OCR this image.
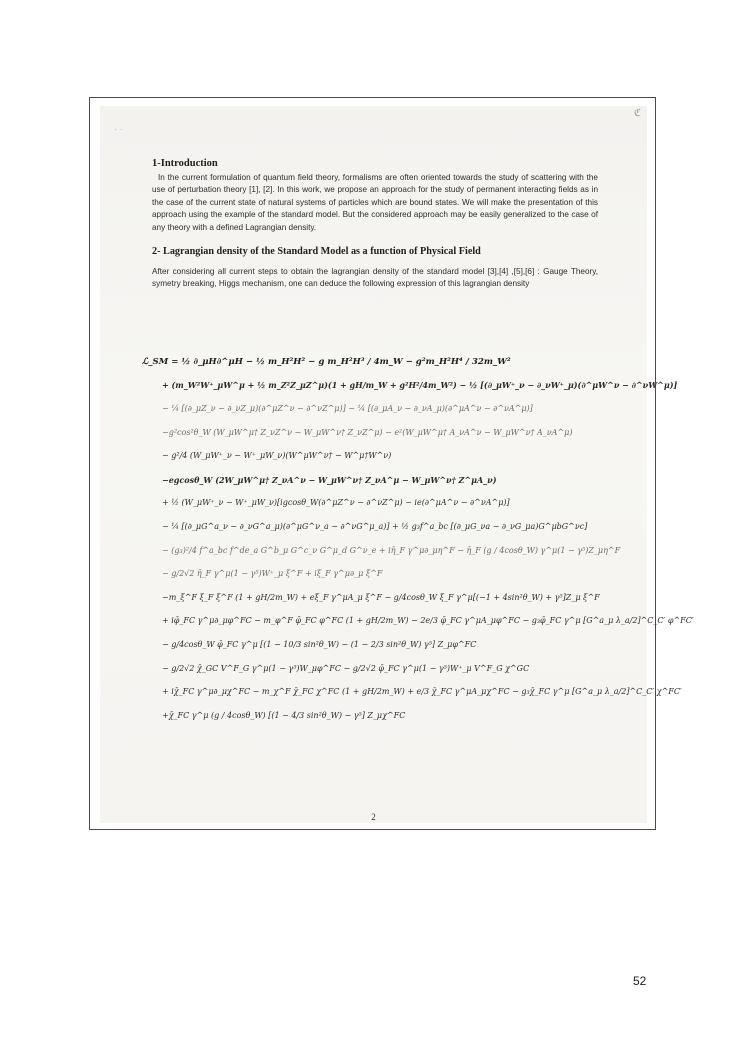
· ·
ℭ
1-Introduction

In the current formulation of quantum field theory, formalisms are often oriented towards the study of scattering with the use of perturbation theory [1], [2]. In this work, we propose an approach for the study of permanent interacting fields as in the case of the current state of natural systems of particles which are bound states. We will make the presentation of this approach using the example of the standard model. But the considered approach may be easily generalized to the case of any theory with a defined Lagrangian density.

2- Lagrangian density of the Standard Model as a function of Physical Field

After considering all current steps to obtain the lagrangian density of the standard model [3],[4] ,[5],[6] : Gauge Theory, symetry breaking, Higgs mechanism, one can deduce the following expression of this lagrangian density

ℒ_SM = ½ ∂_μH∂^μH − ½ m_H²H² − g m_H²H³ / 4m_W − g²m_H²H⁴ / 32m_W²
+ (m_W²W⁺_μW^μ + ½ m_Z²Z_μZ^μ)(1 + gH/m_W + g²H²/4m_W²) − ½ [(∂_μW⁺_ν − ∂_νW⁺_μ)(∂^μW^ν − ∂^νW^μ)]
− ¼ [(∂_μZ_ν − ∂_νZ_μ)(∂^μZ^ν − ∂^νZ^μ)] − ¼ [(∂_μA_ν − ∂_νA_μ)(∂^μA^ν − ∂^νA^μ)]
−g²cos²θ_W (W_μW^μ† Z_νZ^ν − W_μW^ν† Z_νZ^μ) − e²(W_μW^μ† A_νA^ν − W_μW^ν† A_νA^μ)
− g²/4 (W_μW⁺_ν − W⁺_μW_ν)(W^μW^ν† − W^μ†W^ν)
−egcosθ_W (2W_μW^μ† Z_νA^ν − W_μW^ν† Z_νA^μ − W_μW^ν† Z^μA_ν)
+ ½ (W_μW⁺_ν − W⁺_μW_ν)[igcosθ_W(∂^μZ^ν − ∂^νZ^μ) − ie(∂^μA^ν − ∂^νA^μ)]
− ¼ [(∂_μG^a_ν − ∂_νG^a_μ)(∂^μG^ν_a − ∂^νG^μ_a)] + ½ g₃f^a_bc [(∂_μG_νa − ∂_νG_μa)G^μbG^νc]
− (g₃)²/4 f^a_bc f^de_a G^b_μ G^c_ν G^μ_d G^ν_e + iη̄_F γ^μ∂_μη^F − η̄_F (g / 4cosθ_W) γ^μ(1 − γ⁵)Z_μη^F
− g/2√2 η̄_F γ^μ(1 − γ⁵)W⁺_μ ξ^F + iξ̄_F γ^μ∂_μ ξ^F
−m_ξ^F ξ̄_F ξ^F (1 + gH/2m_W) + eξ̄_F γ^μA_μ ξ^F − g/4cosθ_W ξ̄_F γ^μ[(−1 + 4sin²θ_W) + γ⁵]Z_μ ξ^F
+ iφ̄_FC γ^μ∂_μφ^FC − m_φ^F φ̄_FC φ^FC (1 + gH/2m_W) − 2e/3 φ̄_FC γ^μA_μφ^FC − g₃φ̄_FC γ^μ [G^a_μ λ_a/2]^C_C′ φ^FC′
− g/4cosθ_W φ̄_FC γ^μ [(1 − 10/3 sin²θ_W) − (1 − 2/3 sin²θ_W) γ⁵] Z_μφ^FC
− g/2√2 χ̄_GC V^F_G γ^μ(1 − γ⁵)W_μφ^FC − g/2√2 φ̄_FC γ^μ(1 − γ⁵)W⁺_μ V^F_G χ^GC
+ iχ̄_FC γ^μ∂_μχ^FC − m_χ^F χ̄_FC χ^FC (1 + gH/2m_W) + e/3 χ̄_FC γ^μA_μχ^FC − g₃χ̄_FC γ^μ [G^a_μ λ_a/2]^C_C′ χ^FC′
+χ̄_FC γ^μ (g / 4cosθ_W) [(1 − 4/3 sin²θ_W) − γ⁵] Z_μχ^FC
2
52
